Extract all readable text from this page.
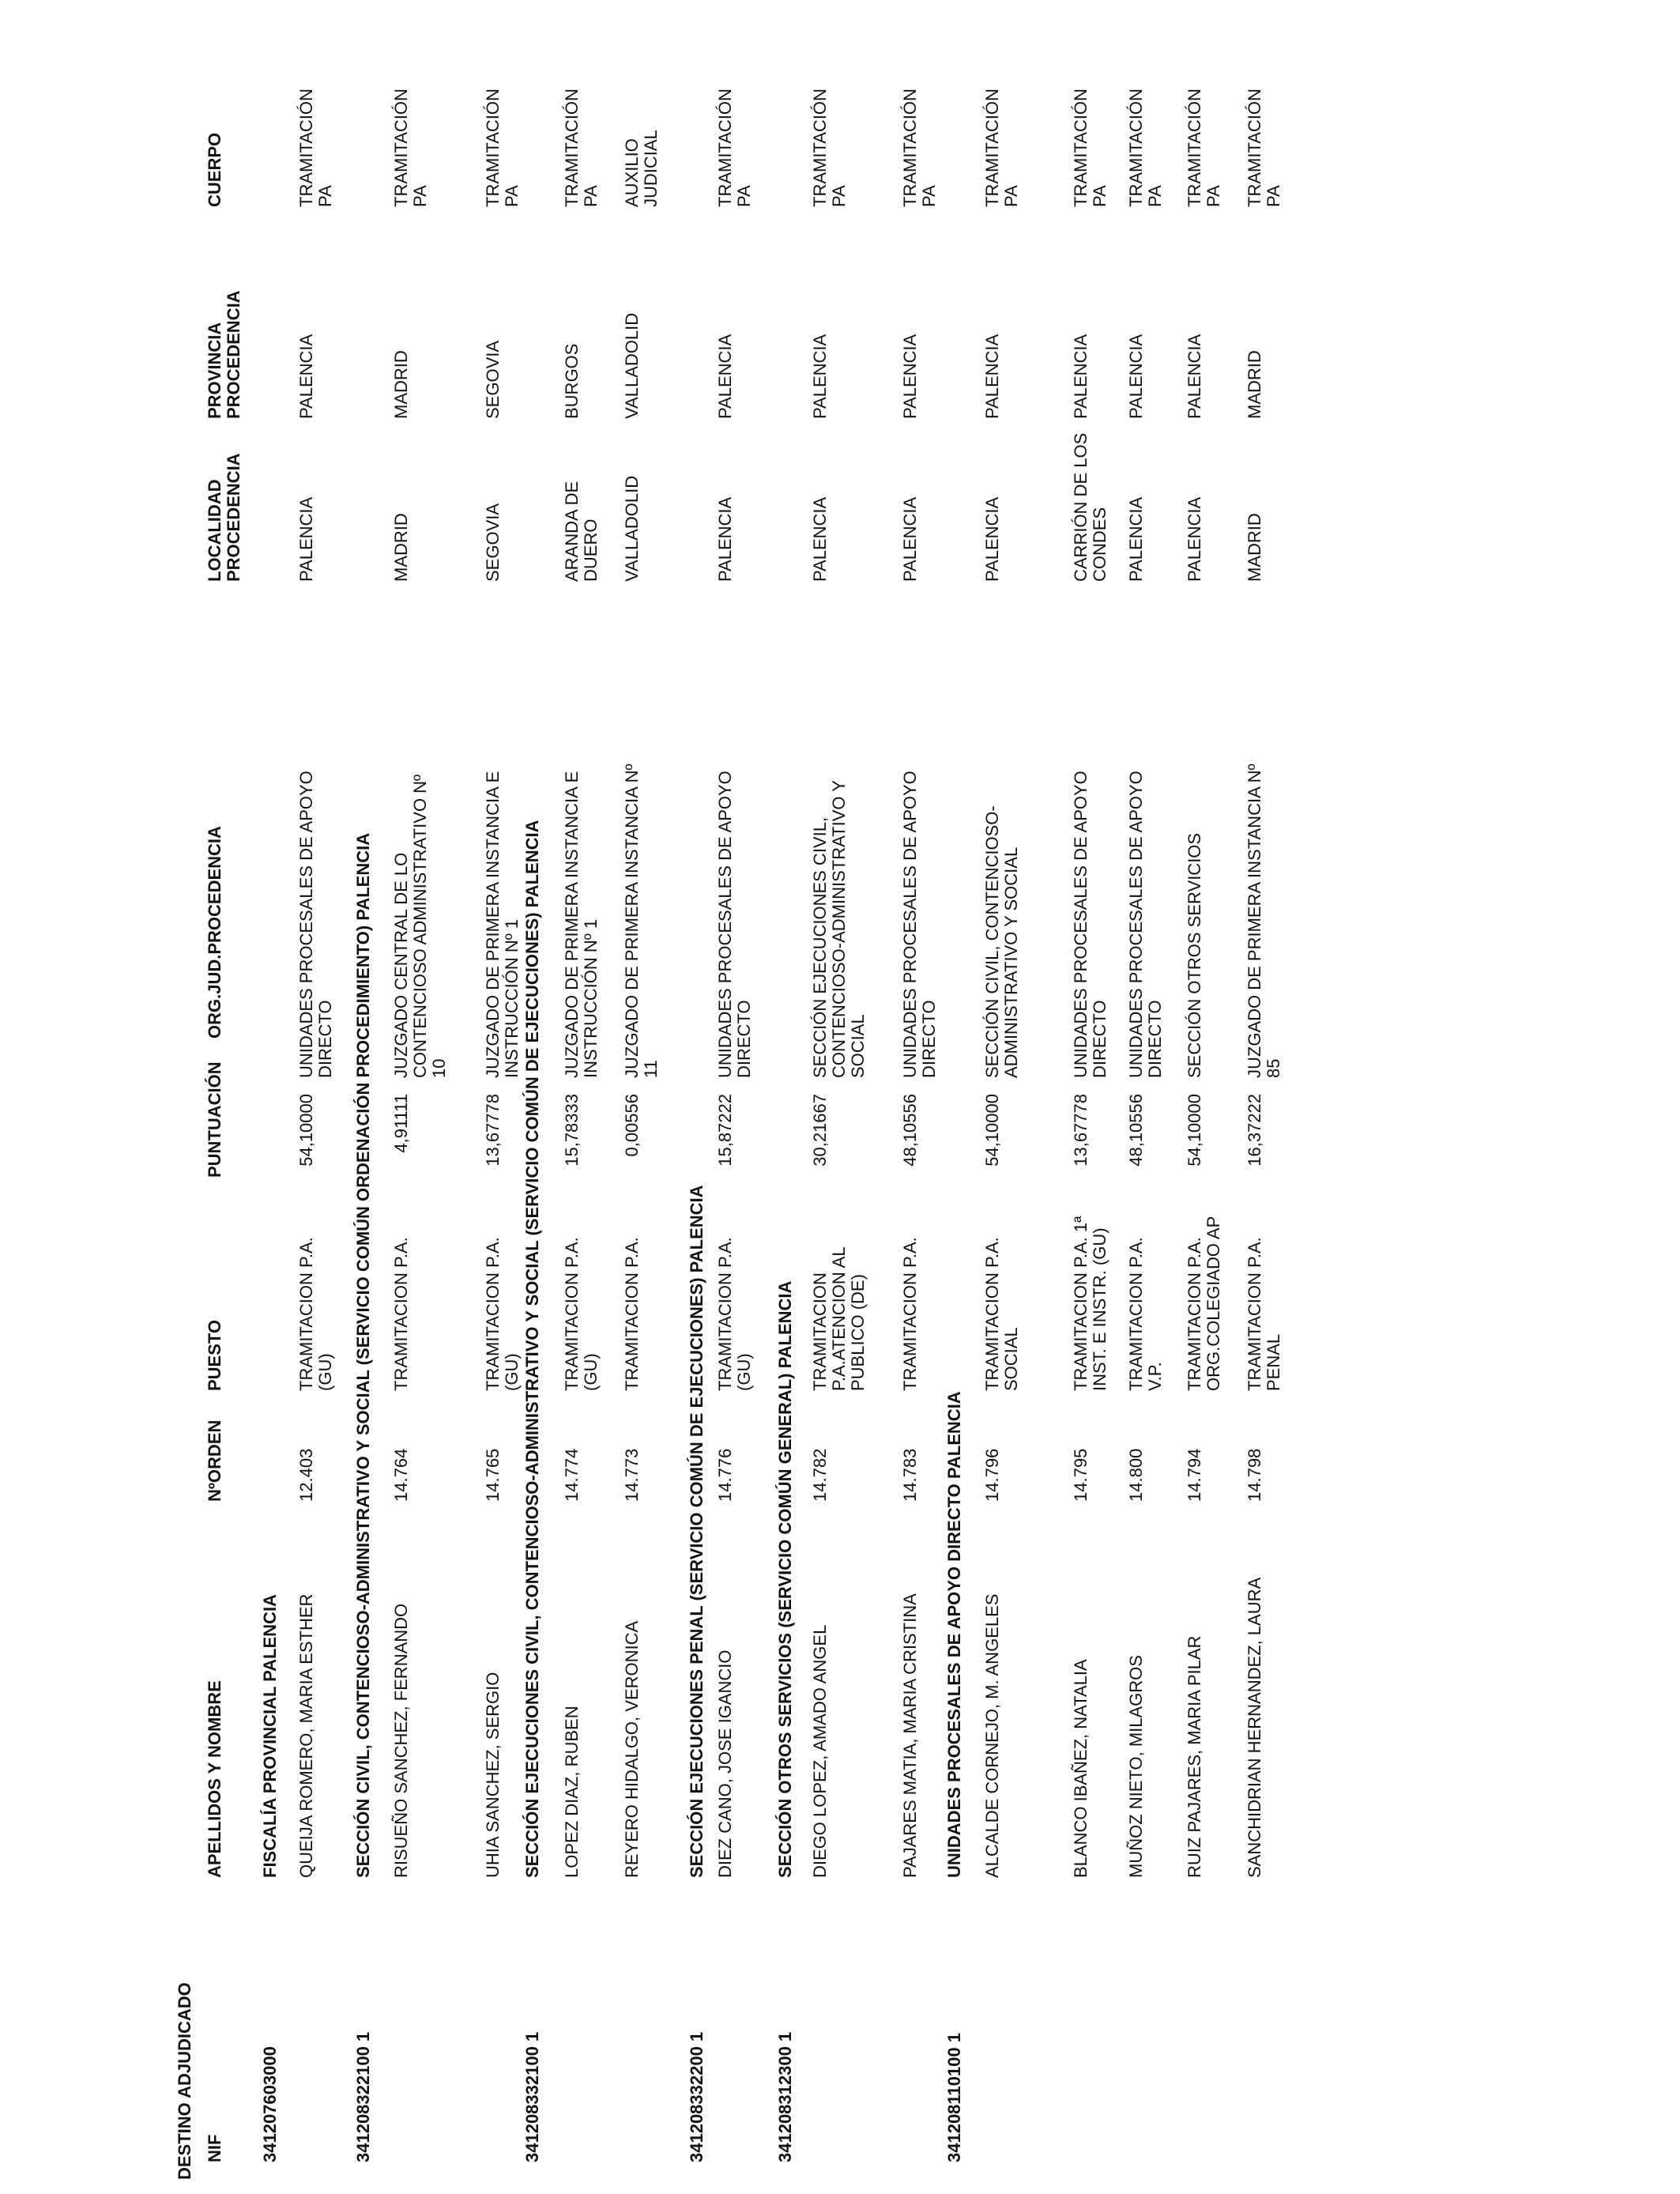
DESTINO ADJUDICADO NIF
APELLIDOS Y NOMBRE
NºORDEN
PUESTO
PUNTUACIÓN
ORG.JUD.PROCEDENCIA
LOCALIDAD PROCEDENCIA
PROVINCIA PROCEDENCIA
CUERPO
341207603000
FISCALÍA PROVINCIAL PALENCIA QUEIJA ROMERO, MARIA ESTHER
12.403
TRAMITACION P.A. (GU)
54,10000
UNIDADES PROCESALES DE APOYO DIRECTO
PALENCIA
PALENCIA
TRAMITACIÓN PA
341208322100 1
SECCIÓN CIVIL, CONTENCIOSO-ADMINISTRATIVO Y SOCIAL (SERVICIO COMÚN ORDENACIÓN PROCEDIMIENTO) PALENCIA RISUEÑO SANCHEZ, FERNANDO
14.764
TRAMITACION P.A.
4,91111
JUZGADO CENTRAL DE LO CONTENCIOSO ADMINISTRATIVO Nº 10
MADRID
MADRID
TRAMITACIÓN PA
UHIA SANCHEZ, SERGIO
14.765
TRAMITACION P.A. (GU)
13,67778
JUZGADO DE PRIMERA INSTANCIA E INSTRUCCIÓN Nº 1
SEGOVIA
SEGOVIA
TRAMITACIÓN PA
341208332100 1
SECCIÓN EJECUCIONES CIVIL, CONTENCIOSO-ADMINISTRATIVO Y SOCIAL (SERVICIO COMÚN DE EJECUCIONES) PALENCIA LOPEZ DIAZ, RUBEN
14.774
TRAMITACION P.A. (GU)
15,78333
JUZGADO DE PRIMERA INSTANCIA E INSTRUCCIÓN Nº 1
ARANDA DE DUERO
BURGOS
TRAMITACIÓN PA
REYERO HIDALGO, VERONICA
14.773
TRAMITACION P.A.
0,00556
JUZGADO DE PRIMERA INSTANCIA Nº 11
VALLADOLID
VALLADOLID
AUXILIO JUDICIAL
341208332200 1
SECCIÓN EJECUCIONES PENAL (SERVICIO COMÚN DE EJECUCIONES) PALENCIA DIEZ CANO, JOSE IGANCIO
14.776
TRAMITACION P.A. (GU)
15,87222
UNIDADES PROCESALES DE APOYO DIRECTO
PALENCIA
PALENCIA
TRAMITACIÓN PA
341208312300 1
SECCIÓN OTROS SERVICIOS (SERVICIO COMÚN GENERAL) PALENCIA DIEGO LOPEZ, AMADO ANGEL
14.782
TRAMITACION P.A.ATENCION AL PUBLICO (DE)
30,21667
SECCIÓN EJECUCIONES CIVIL, CONTENCIOSO-ADMINISTRATIVO Y SOCIAL
PALENCIA
PALENCIA
TRAMITACIÓN PA
PAJARES MATIA, MARIA CRISTINA
14.783
TRAMITACION P.A.
48,10556
UNIDADES PROCESALES DE APOYO DIRECTO
PALENCIA
PALENCIA
TRAMITACIÓN PA
341208110100 1
UNIDADES PROCESALES DE APOYO DIRECTO PALENCIA ALCALDE CORNEJO, M. ANGELES
14.796
TRAMITACION P.A. SOCIAL
54,10000
SECCIÓN CIVIL, CONTENCIOSO-ADMINISTRATIVO Y SOCIAL
PALENCIA
PALENCIA
TRAMITACIÓN PA
BLANCO IBAÑEZ, NATALIA
14.795
TRAMITACION P.A. 1ª INST. E INSTR. (GU)
13,67778
UNIDADES PROCESALES DE APOYO DIRECTO
CARRIÓN DE LOS CONDES
PALENCIA
TRAMITACIÓN PA
MUÑOZ NIETO, MILAGROS
14.800
TRAMITACION P.A. V.P.
48,10556
UNIDADES PROCESALES DE APOYO DIRECTO
PALENCIA
PALENCIA
TRAMITACIÓN PA
RUIZ PAJARES, MARIA PILAR
14.794
TRAMITACION P.A. ORG.COLEGIADO AP
54,10000
SECCIÓN OTROS SERVICIOS
PALENCIA
PALENCIA
TRAMITACIÓN PA
SANCHIDRIAN HERNANDEZ, LAURA
14.798
TRAMITACION P.A. PENAL
16,37222
JUZGADO DE PRIMERA INSTANCIA Nº 85
MADRID
MADRID
TRAMITACIÓN PA
